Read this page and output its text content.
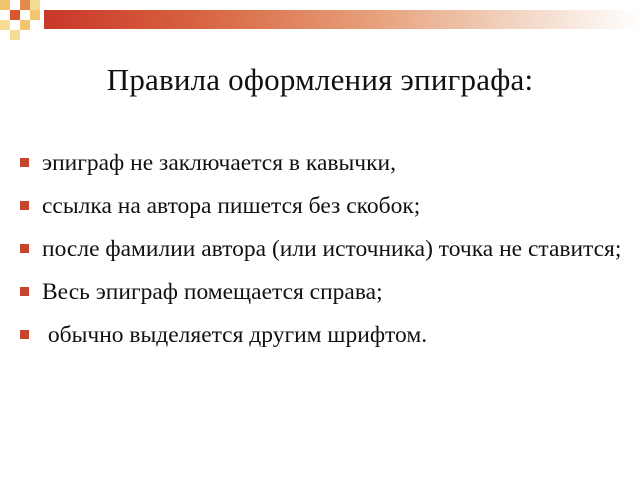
Правила оформления эпиграфа:
эпиграф не заключается в кавычки,
ссылка на автора пишется без скобок;
после фамилии автора (или источника) точка не ставится;
Весь эпиграф помещается справа;
обычно выделяется другим шрифтом.
